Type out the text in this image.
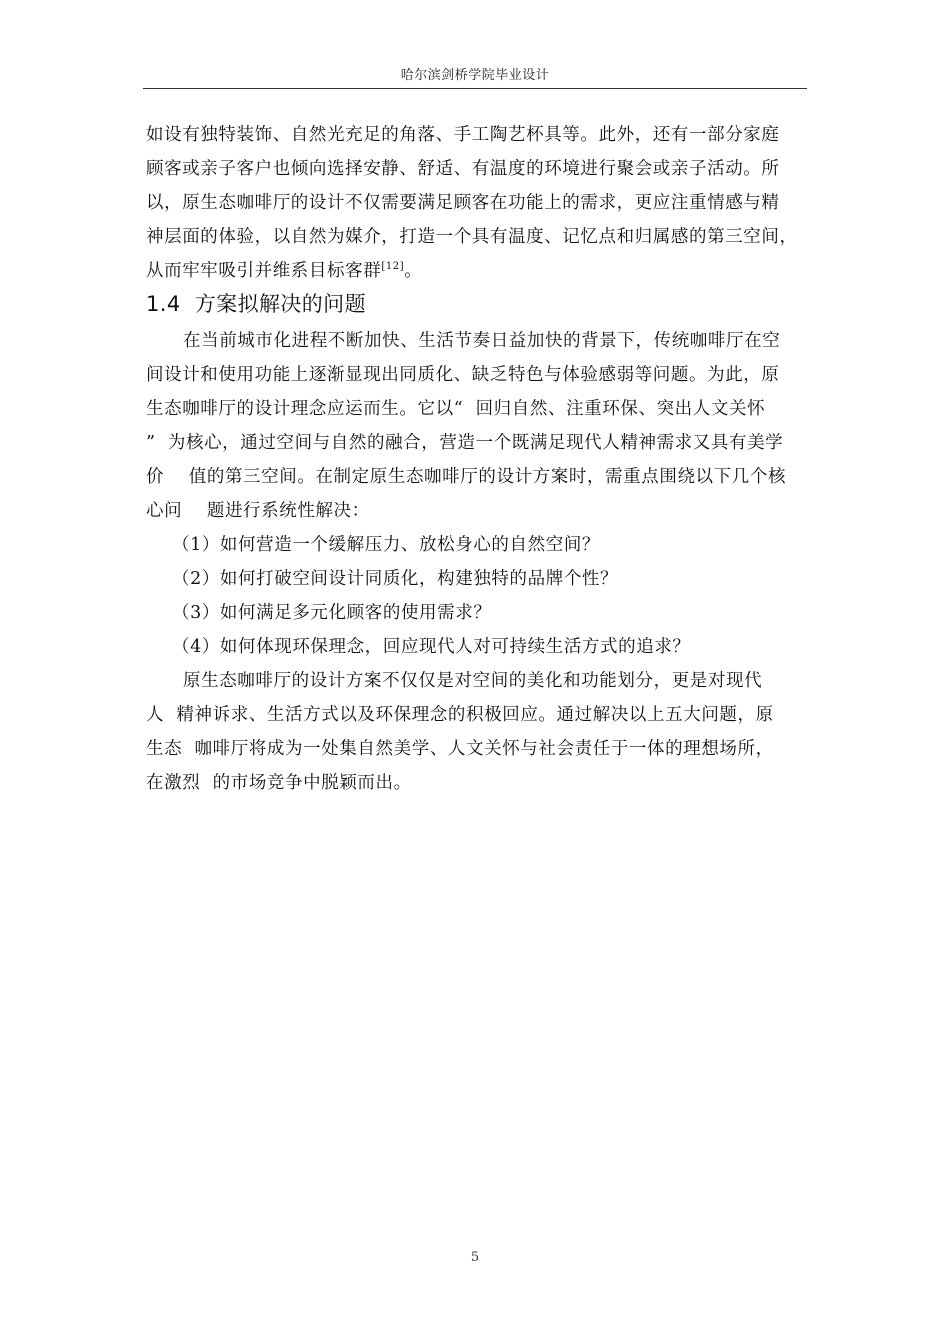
哈尔滨剑桥学院毕业设计
如设有独特装饰、自然光充足的角落、手工陶艺杯具等。此外，还有一部分家庭
顾客或亲子客户也倾向选择安静、舒适、有温度的环境进行聚会或亲子活动。所
以，原生态咖啡厅的设计不仅需要满足顾客在功能上的需求，更应注重情感与精
神层面的体验，以自然为媒介，打造一个具有温度、记忆点和归属感的第三空间，
从而牢牢吸引并维系目标客群[12]。
1.4 方案拟解决的问题
在当前城市化进程不断加快、生活节奏日益加快的背景下，传统咖啡厅在空
间设计和使用功能上逐渐显现出同质化、缺乏特色与体验感弱等问题。为此，原
生态咖啡厅的设计理念应运而生。它以“  回归自然、注重环保、突出人文关怀
”  为核心，通过空间与自然的融合，营造一个既满足现代人精神需求又具有美学
价    值的第三空间。在制定原生态咖啡厅的设计方案时，需重点围绕以下几个核
心问    题进行系统性解决：
（1）如何营造一个缓解压力、放松身心的自然空间？
（2）如何打破空间设计同质化，构建独特的品牌个性？
（3）如何满足多元化顾客的使用需求？
（4）如何体现环保理念，回应现代人对可持续生活方式的追求？
原生态咖啡厅的设计方案不仅仅是对空间的美化和功能划分，更是对现代
人  精神诉求、生活方式以及环保理念的积极回应。通过解决以上五大问题，原
生态  咖啡厅将成为一处集自然美学、人文关怀与社会责任于一体的理想场所，
在激烈  的市场竞争中脱颖而出。
5
